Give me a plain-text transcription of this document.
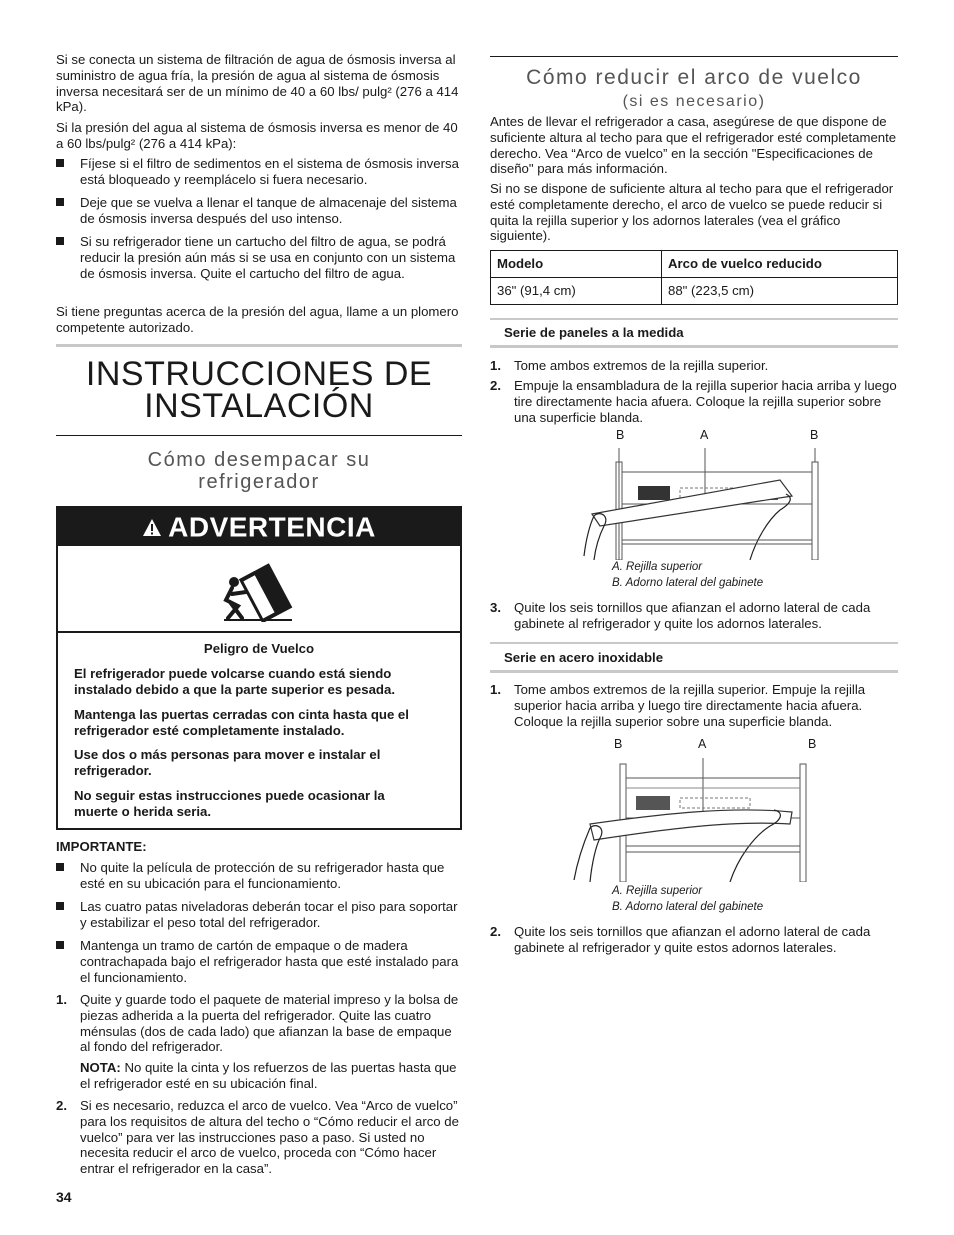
Si se conecta un sistema de filtración de agua de ósmosis inversa al suministro de agua fría, la presión de agua al sistema de ósmosis inversa necesitará ser de un mínimo de 40 a 60 lbs/ pulg² (276 a 414 kPa).

Si la presión del agua al sistema de ósmosis inversa es menor de 40 a 60 lbs/pulg² (276 a 414 kPa):

Fíjese si el filtro de sedimentos en el sistema de ósmosis inversa está bloqueado y reemplácelo si fuera necesario.
Deje que se vuelva a llenar el tanque de almacenaje del sistema de ósmosis inversa después del uso intenso.
Si su refrigerador tiene un cartucho del filtro de agua, se podrá reducir la presión aún más si se usa en conjunto con un sistema de ósmosis inversa. Quite el cartucho del filtro de agua.

Si tiene preguntas acerca de la presión del agua, llame a un plomero competente autorizado.

INSTRUCCIONES DE
INSTALACIÓN
Cómo desempacar su
refrigerador

IMPORTANTE:

No quite la película de protección de su refrigerador hasta que esté en su ubicación para el funcionamiento.
Las cuatro patas niveladoras deberán tocar el piso para soportar y estabilizar el peso total del refrigerador.
Mantenga un tramo de cartón de empaque o de madera contrachapada bajo el refrigerador hasta que esté instalado para el funcionamiento.
1. Quite y guarde todo el paquete de material impreso y la bolsa de piezas adherida a la puerta del refrigerador. Quite las cuatro ménsulas (dos de cada lado) que afianzan la base de empaque al fondo del refrigerador.
NOTA: No quite la cinta y los refuerzos de las puertas hasta que el refrigerador esté en su ubicación final.
2. Si es necesario, reduzca el arco de vuelco. Vea “Arco de vuelco” para los requisitos de altura del techo o “Cómo reducir el arco de vuelco” para ver las instrucciones paso a paso. Si usted no necesita reducir el arco de vuelco, proceda con “Cómo hacer entrar el refrigerador en la casa”.

34

ADVERTENCIA

Peligro de Vuelco

El refrigerador puede volcarse cuando está siendo instalado debido a que la parte superior es pesada.

Mantenga las puertas cerradas con cinta hasta que el refrigerador esté completamente instalado.

Use dos o más personas para mover e instalar el refrigerador.

No seguir estas instrucciones puede ocasionar la muerte o herida seria.

Cómo reducir el arco de vuelco
(si es necesario)

Antes de llevar el refrigerador a casa, asegúrese de que dispone de suficiente altura al techo para que el refrigerador esté completamente derecho. Vea “Arco de vuelco” en la sección "Especificaciones de diseño" para más información.

Si no se dispone de suficiente altura al techo para que el refrigerador esté completamente derecho, el arco de vuelco se puede reducir si quita la rejilla superior y los adornos laterales (vea el gráfico siguiente).

Modelo	Arco de vuelco reducido
36" (91,4 cm)	88" (223,5 cm)

Serie de paneles a la medida

1. Tome ambos extremos de la rejilla superior.
2. Empuje la ensambladura de la rejilla superior hacia arriba y luego tire directamente hacia afuera. Coloque la rejilla superior sobre una superficie blanda.
B	A	B
A. Rejilla superior
B. Adorno lateral del gabinete
3. Quite los seis tornillos que afianzan el adorno lateral de cada gabinete al refrigerador y quite los adornos laterales.

Serie en acero inoxidable

1. Tome ambos extremos de la rejilla superior. Empuje la rejilla superior hacia arriba y luego tire directamente hacia afuera. Coloque la rejilla superior sobre una superficie blanda.
B	A	B
A. Rejilla superior
B. Adorno lateral del gabinete
2. Quite los seis tornillos que afianzan el adorno lateral de cada gabinete al refrigerador y quite estos adornos laterales.
